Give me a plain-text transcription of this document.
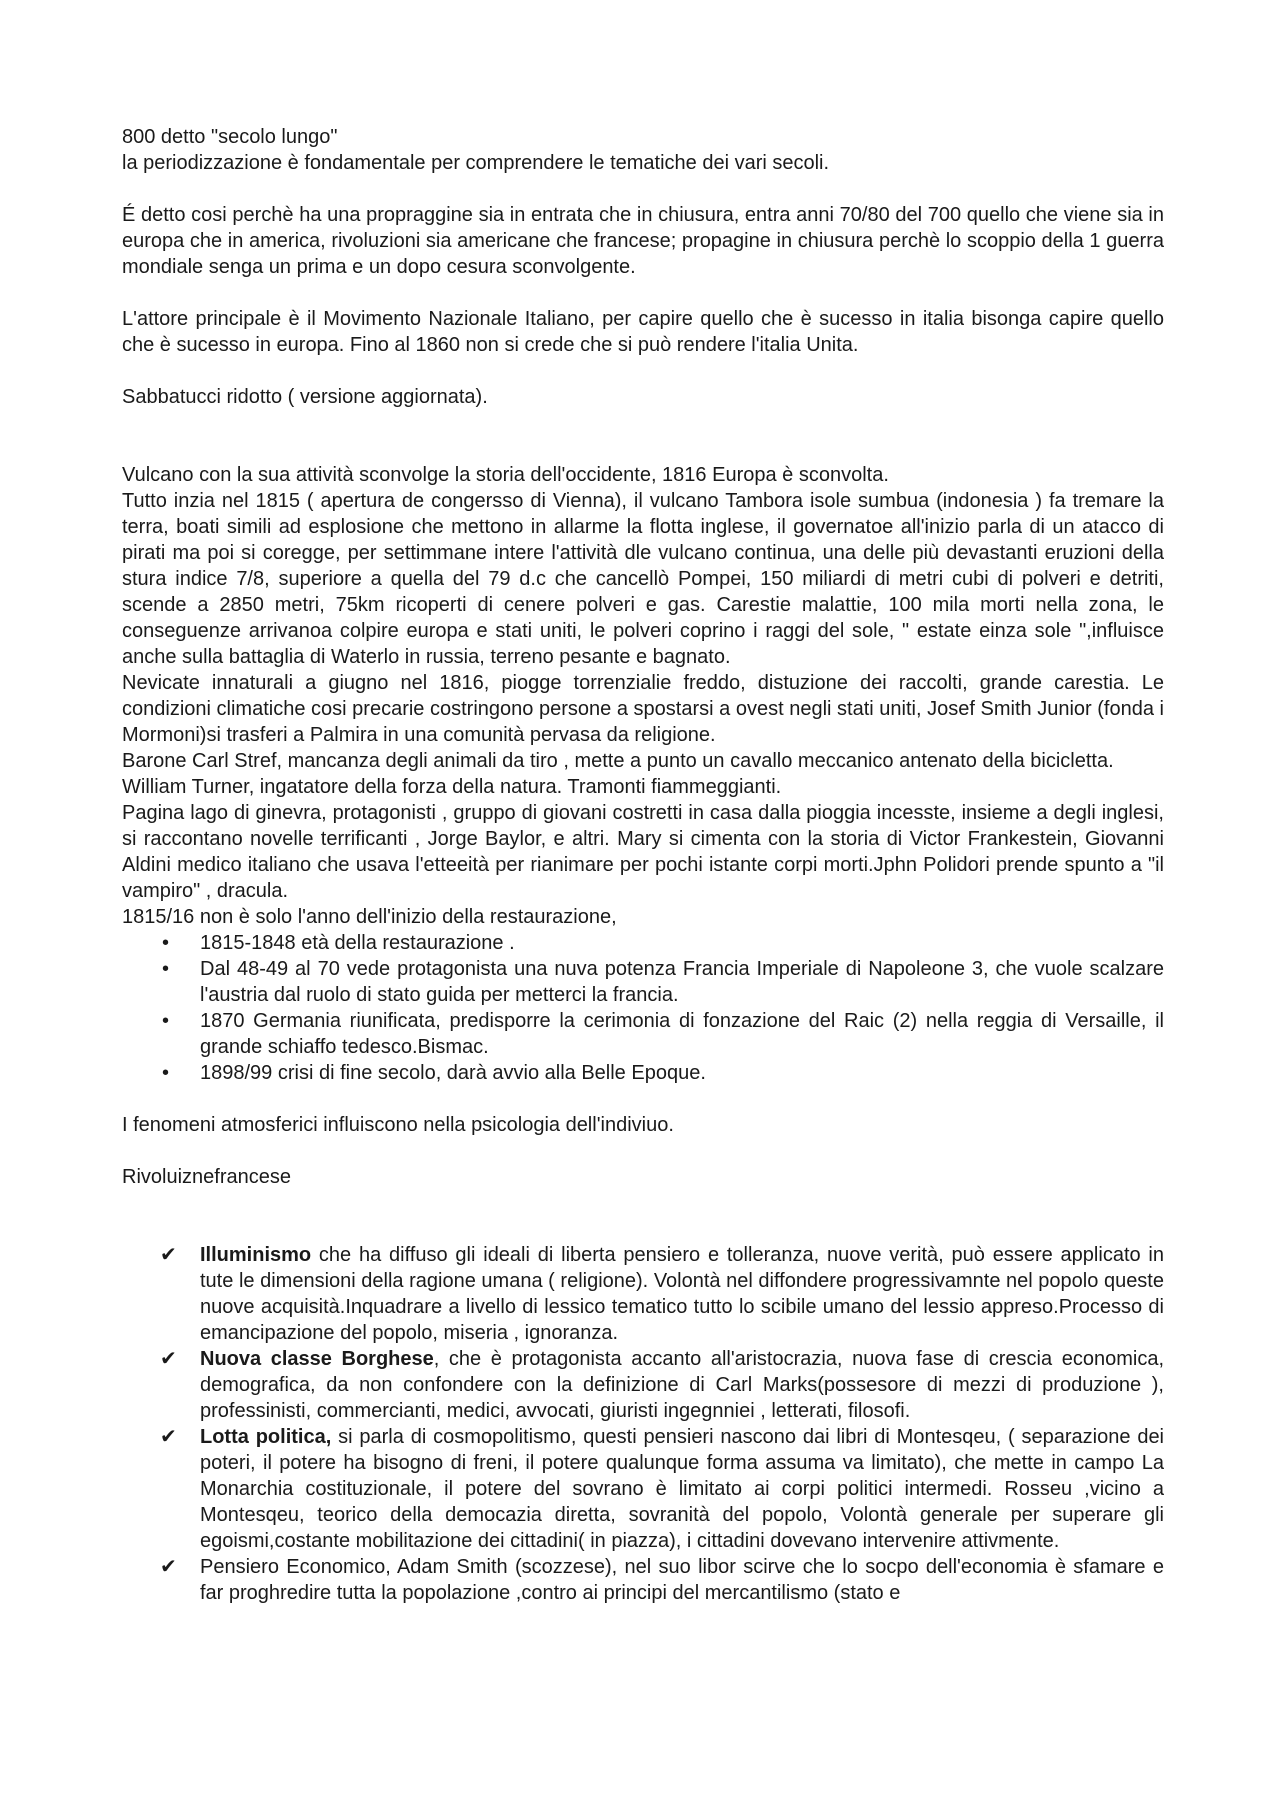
800 detto "secolo lungo"

la periodizzazione è fondamentale per comprendere le tematiche dei vari secoli.

É detto cosi perchè ha una propraggine sia in entrata che in chiusura, entra anni 70/80 del 700 quello che viene sia in europa che in america, rivoluzioni sia americane che francese; propagine in chiusura perchè lo scoppio della 1 guerra mondiale senga un prima e un dopo cesura sconvolgente.

L'attore principale è il Movimento Nazionale Italiano, per capire quello che è sucesso in italia bisonga capire quello che è sucesso in europa. Fino al 1860 non si crede che si può rendere l'italia Unita.

Sabbatucci ridotto ( versione aggiornata).

Vulcano con la sua attività sconvolge la storia dell'occidente, 1816 Europa è sconvolta.

Tutto inzia nel 1815 ( apertura de congersso di Vienna), il vulcano Tambora isole sumbua (indonesia ) fa tremare la terra, boati simili ad esplosione che mettono in allarme la flotta inglese, il governatoe all'inizio parla di un atacco di pirati ma poi si coregge, per settimmane intere l'attività dle vulcano continua, una delle più devastanti eruzioni della stura indice 7/8, superiore a quella del 79 d.c che cancellò Pompei, 150 miliardi di metri cubi di polveri e detriti, scende a 2850 metri, 75km ricoperti di cenere polveri e gas. Carestie malattie, 100 mila morti nella zona, le conseguenze arrivanoa colpire europa e stati uniti, le polveri coprino i raggi del sole, " estate einza sole ",influisce anche sulla battaglia di Waterlo in russia, terreno pesante e bagnato.

Nevicate innaturali a giugno nel 1816, piogge torrenzialie freddo, distuzione dei raccolti, grande carestia. Le condizioni climatiche cosi precarie costringono persone a spostarsi a ovest negli stati uniti, Josef Smith Junior (fonda i Mormoni)si trasferi a Palmira in una comunità pervasa da religione.

Barone Carl Stref, mancanza degli animali da tiro , mette a punto un cavallo meccanico antenato della bicicletta.

William Turner, ingatatore della forza della natura. Tramonti fiammeggianti.

Pagina lago di ginevra, protagonisti , gruppo di giovani costretti in casa dalla pioggia incesste, insieme a degli inglesi, si raccontano novelle terrificanti , Jorge Baylor, e altri. Mary si cimenta con la storia di Victor Frankestein, Giovanni Aldini medico italiano che usava l'etteeità per rianimare per pochi istante corpi morti.Jphn Polidori prende spunto a "il vampiro" , dracula.

1815/16 non è solo l'anno dell'inizio della restaurazione,

• 1815-1848 età della restaurazione .
• Dal 48-49 al 70 vede protagonista una nuva potenza Francia Imperiale di Napoleone 3, che vuole scalzare l'austria dal ruolo di stato guida per metterci la francia.
• 1870 Germania riunificata, predisporre la cerimonia di fonzazione del Raic (2) nella reggia di Versaille, il grande schiaffo tedesco.Bismac.
• 1898/99 crisi di fine secolo, darà avvio alla Belle Epoque.

I fenomeni atmosferici influiscono nella psicologia dell'indiviuo.

Rivoluiznefrancese

✔ Illuminismo che ha diffuso gli ideali di liberta pensiero e tolleranza, nuove verità, può essere applicato in tute le dimensioni della ragione umana ( religione). Volontà nel diffondere progressivamnte nel popolo queste nuove acquisità.Inquadrare a livello di lessico tematico tutto lo scibile umano del lessio appreso.Processo di emancipazione del popolo, miseria , ignoranza.
✔ Nuova classe Borghese, che è protagonista accanto all'aristocrazia, nuova fase di crescia economica, demografica, da non confondere con la definizione di Carl Marks(possesore di mezzi di produzione ), professinisti, commercianti, medici, avvocati, giuristi ingegnniei , letterati, filosofi.
✔ Lotta politica, si parla di cosmopolitismo, questi pensieri nascono dai libri di Montesqeu, ( separazione dei poteri, il potere ha bisogno di freni, il potere qualunque forma assuma va limitato), che mette in campo La Monarchia costituzionale, il potere del sovrano è limitato ai corpi politici intermedi. Rosseu ,vicino a Montesqeu, teorico della democazia diretta, sovranità del popolo, Volontà generale per superare gli egoismi,costante mobilitazione dei cittadini( in piazza), i cittadini dovevano intervenire attivmente.
✔ Pensiero Economico, Adam Smith (scozzese), nel suo libor scirve che lo socpo dell'economia è sfamare e far proghredire tutta la popolazione ,contro ai principi del mercantilismo (stato e
